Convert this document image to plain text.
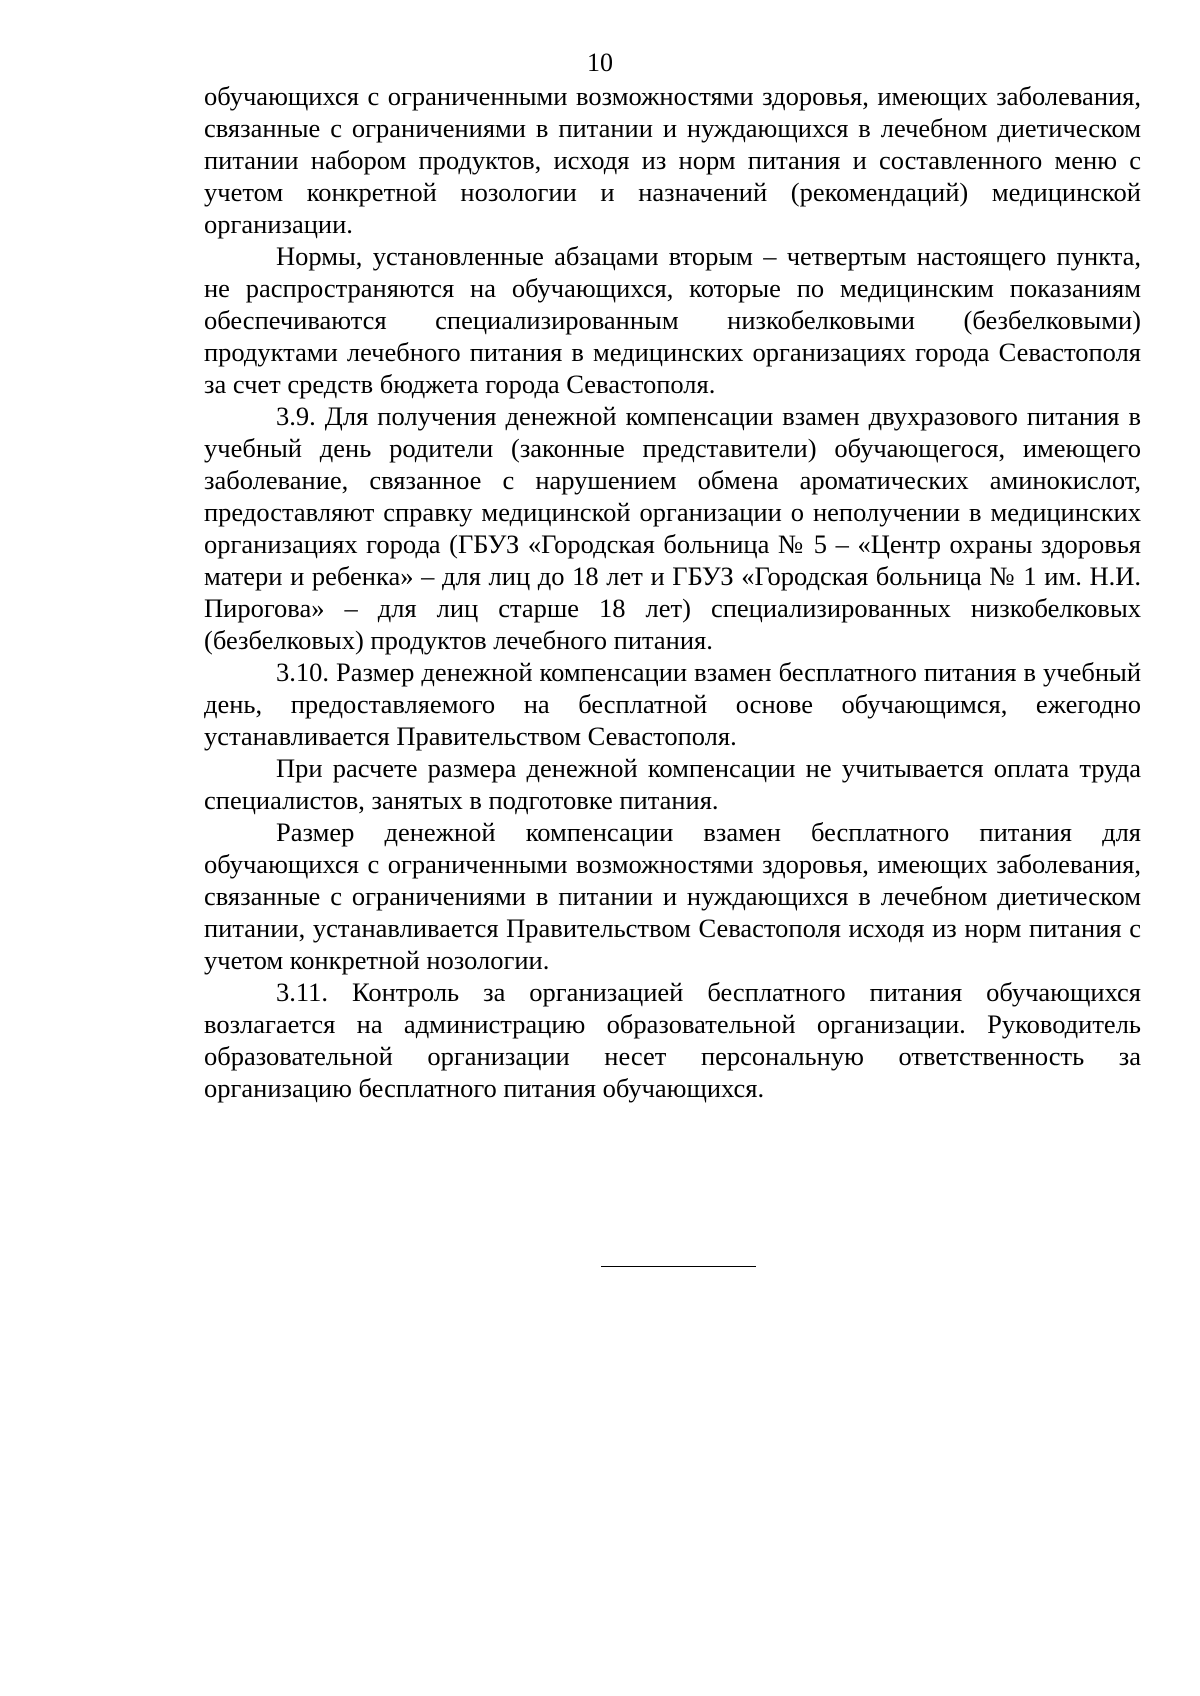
10

обучающихся с ограниченными возможностями здоровья, имеющих заболевания, связанные с ограничениями в питании и нуждающихся в лечебном диетическом питании набором продуктов, исходя из норм питания и составленного меню с учетом конкретной нозологии и назначений (рекомендаций) медицинской организации.

Нормы, установленные абзацами вторым – четвертым настоящего пункта, не распространяются на обучающихся, которые по медицинским показаниям обеспечиваются специализированным низкобелковыми (безбелковыми) продуктами лечебного питания в медицинских организациях города Севастополя за счет средств бюджета города Севастополя.

3.9. Для получения денежной компенсации взамен двухразового питания в учебный день родители (законные представители) обучающегося, имеющего заболевание, связанное с нарушением обмена ароматических аминокислот, предоставляют справку медицинской организации о неполучении в медицинских организациях города (ГБУЗ «Городская больница № 5 – «Центр охраны здоровья матери и ребенка» – для лиц до 18 лет и ГБУЗ «Городская больница № 1 им. Н.И. Пирогова» – для лиц старше 18 лет) специализированных низкобелковых (безбелковых) продуктов лечебного питания.

3.10. Размер денежной компенсации взамен бесплатного питания в учебный день, предоставляемого на бесплатной основе обучающимся, ежегодно устанавливается Правительством Севастополя.

При расчете размера денежной компенсации не учитывается оплата труда специалистов, занятых в подготовке питания.

Размер денежной компенсации взамен бесплатного питания для обучающихся с ограниченными возможностями здоровья, имеющих заболевания, связанные с ограничениями в питании и нуждающихся в лечебном диетическом питании, устанавливается Правительством Севастополя исходя из норм питания с учетом конкретной нозологии.

3.11. Контроль за организацией бесплатного питания обучающихся возлагается на администрацию образовательной организации. Руководитель образовательной организации несет персональную ответственность за организацию бесплатного питания обучающихся.
